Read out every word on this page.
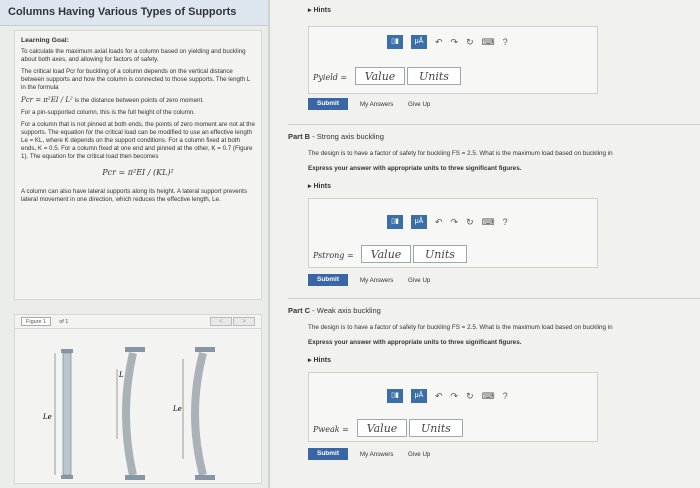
Columns Having Various Types of Supports
Learning Goal:

To calculate the maximum axial loads for a column based on yielding and buckling about both axes, and allowing for factors of safety.

The critical load Pcr for buckling of a column depends on the vertical distance between supports and how the column is connected to those supports. The length L in the formula

Pcr = π²EI / L² is the distance between points of zero moment.

For a pin-supported column, this is the full height of the column.

For a column that is not pinned at both ends, the points of zero moment are not at the supports. The equation for the critical load can be modified to use an effective length Le = KL, where K depends on the support conditions. For a column fixed at both ends, K = 0.5. For a column fixed at one end and pinned at the other, K = 0.7 (Figure 1). The equation for the critical load then becomes

Pcr = π²EI / (KL)²

A column can also have lateral supports along its height. A lateral support prevents lateral movement in one direction, which reduces the effective length, Le.

Figure 1	of 1	<	>
Le
L
Le
▸ Hints
▯▮	μÅ	↶ ↷ ↻ ⌨ ?
Pyield =	Value	Units
Submit	My Answers Give Up
Part B - Strong axis buckling
The design is to have a factor of safety for buckling FS = 2.5. What is the maximum load based on buckling in
Express your answer with appropriate units to three significant figures.
▸ Hints
▯▮	μÅ	↶ ↷ ↻ ⌨ ?
Pstrong =	Value	Units
Submit	My Answers Give Up
Part C - Weak axis buckling
The design is to have a factor of safety for buckling FS = 2.5. What is the maximum load based on buckling in
Express your answer with appropriate units to three significant figures.
▸ Hints
▯▮	μÅ	↶ ↷ ↻ ⌨ ?
Pweak =	Value	Units
Submit	My Answers Give Up
